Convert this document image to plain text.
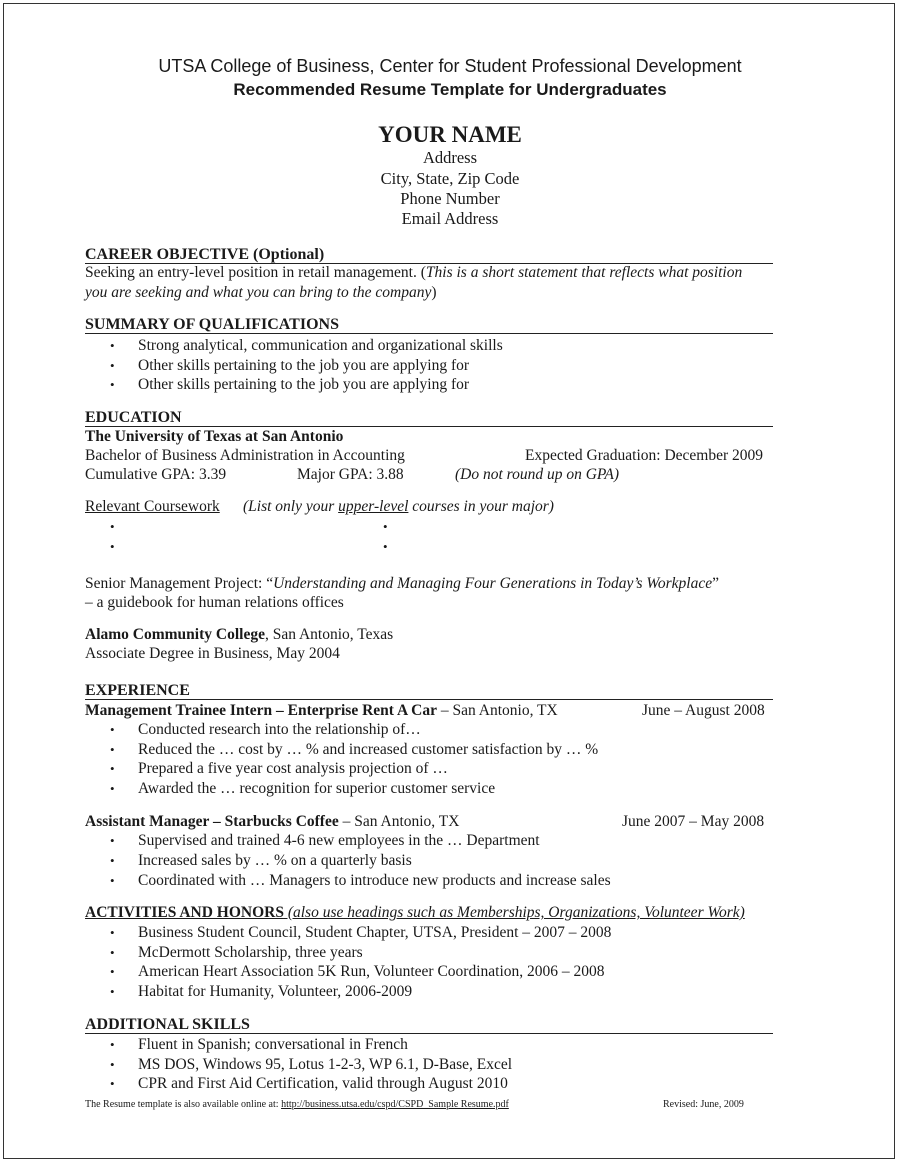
UTSA College of Business, Center for Student Professional Development
Recommended Resume Template for Undergraduates
YOUR NAME
Address
City, State, Zip Code
Phone Number
Email Address
CAREER OBJECTIVE (Optional)
Seeking an entry-level position in retail management. (This is a short statement that reflects what position
you are seeking and what you can bring to the company)
SUMMARY OF QUALIFICATIONS
• Strong analytical, communication and organizational skills
• Other skills pertaining to the job you are applying for
• Other skills pertaining to the job you are applying for
EDUCATION
The University of Texas at San Antonio
Bachelor of Business Administration in Accounting	Expected Graduation: December 2009
Cumulative GPA: 3.39	Major GPA: 3.88	(Do not round up on GPA)
Relevant Coursework (List only your upper-level courses in your major)
•
•
•
•
Senior Management Project: “Understanding and Managing Four Generations in Today’s Workplace”
– a guidebook for human relations offices
Alamo Community College, San Antonio, Texas
Associate Degree in Business, May 2004
EXPERIENCE
Management Trainee Intern – Enterprise Rent A Car – San Antonio, TX	June – August 2008
• Conducted research into the relationship of…
• Reduced the … cost by … % and increased customer satisfaction by … %
• Prepared a five year cost analysis projection of …
• Awarded the … recognition for superior customer service
Assistant Manager – Starbucks Coffee – San Antonio, TX	June 2007 – May 2008
• Supervised and trained 4-6 new employees in the … Department
• Increased sales by … % on a quarterly basis
• Coordinated with … Managers to introduce new products and increase sales
ACTIVITIES AND HONORS (also use headings such as Memberships, Organizations, Volunteer Work)
• Business Student Council, Student Chapter, UTSA, President – 2007 – 2008
• McDermott Scholarship, three years
• American Heart Association 5K Run, Volunteer Coordination, 2006 – 2008
• Habitat for Humanity, Volunteer, 2006-2009
ADDITIONAL SKILLS
• Fluent in Spanish; conversational in French
• MS DOS, Windows 95, Lotus 1-2-3, WP 6.1, D-Base, Excel
• CPR and First Aid Certification, valid through August 2010
The Resume template is also available online at: http://business.utsa.edu/cspd/CSPD_Sample Resume.pdf	Revised: June, 2009
